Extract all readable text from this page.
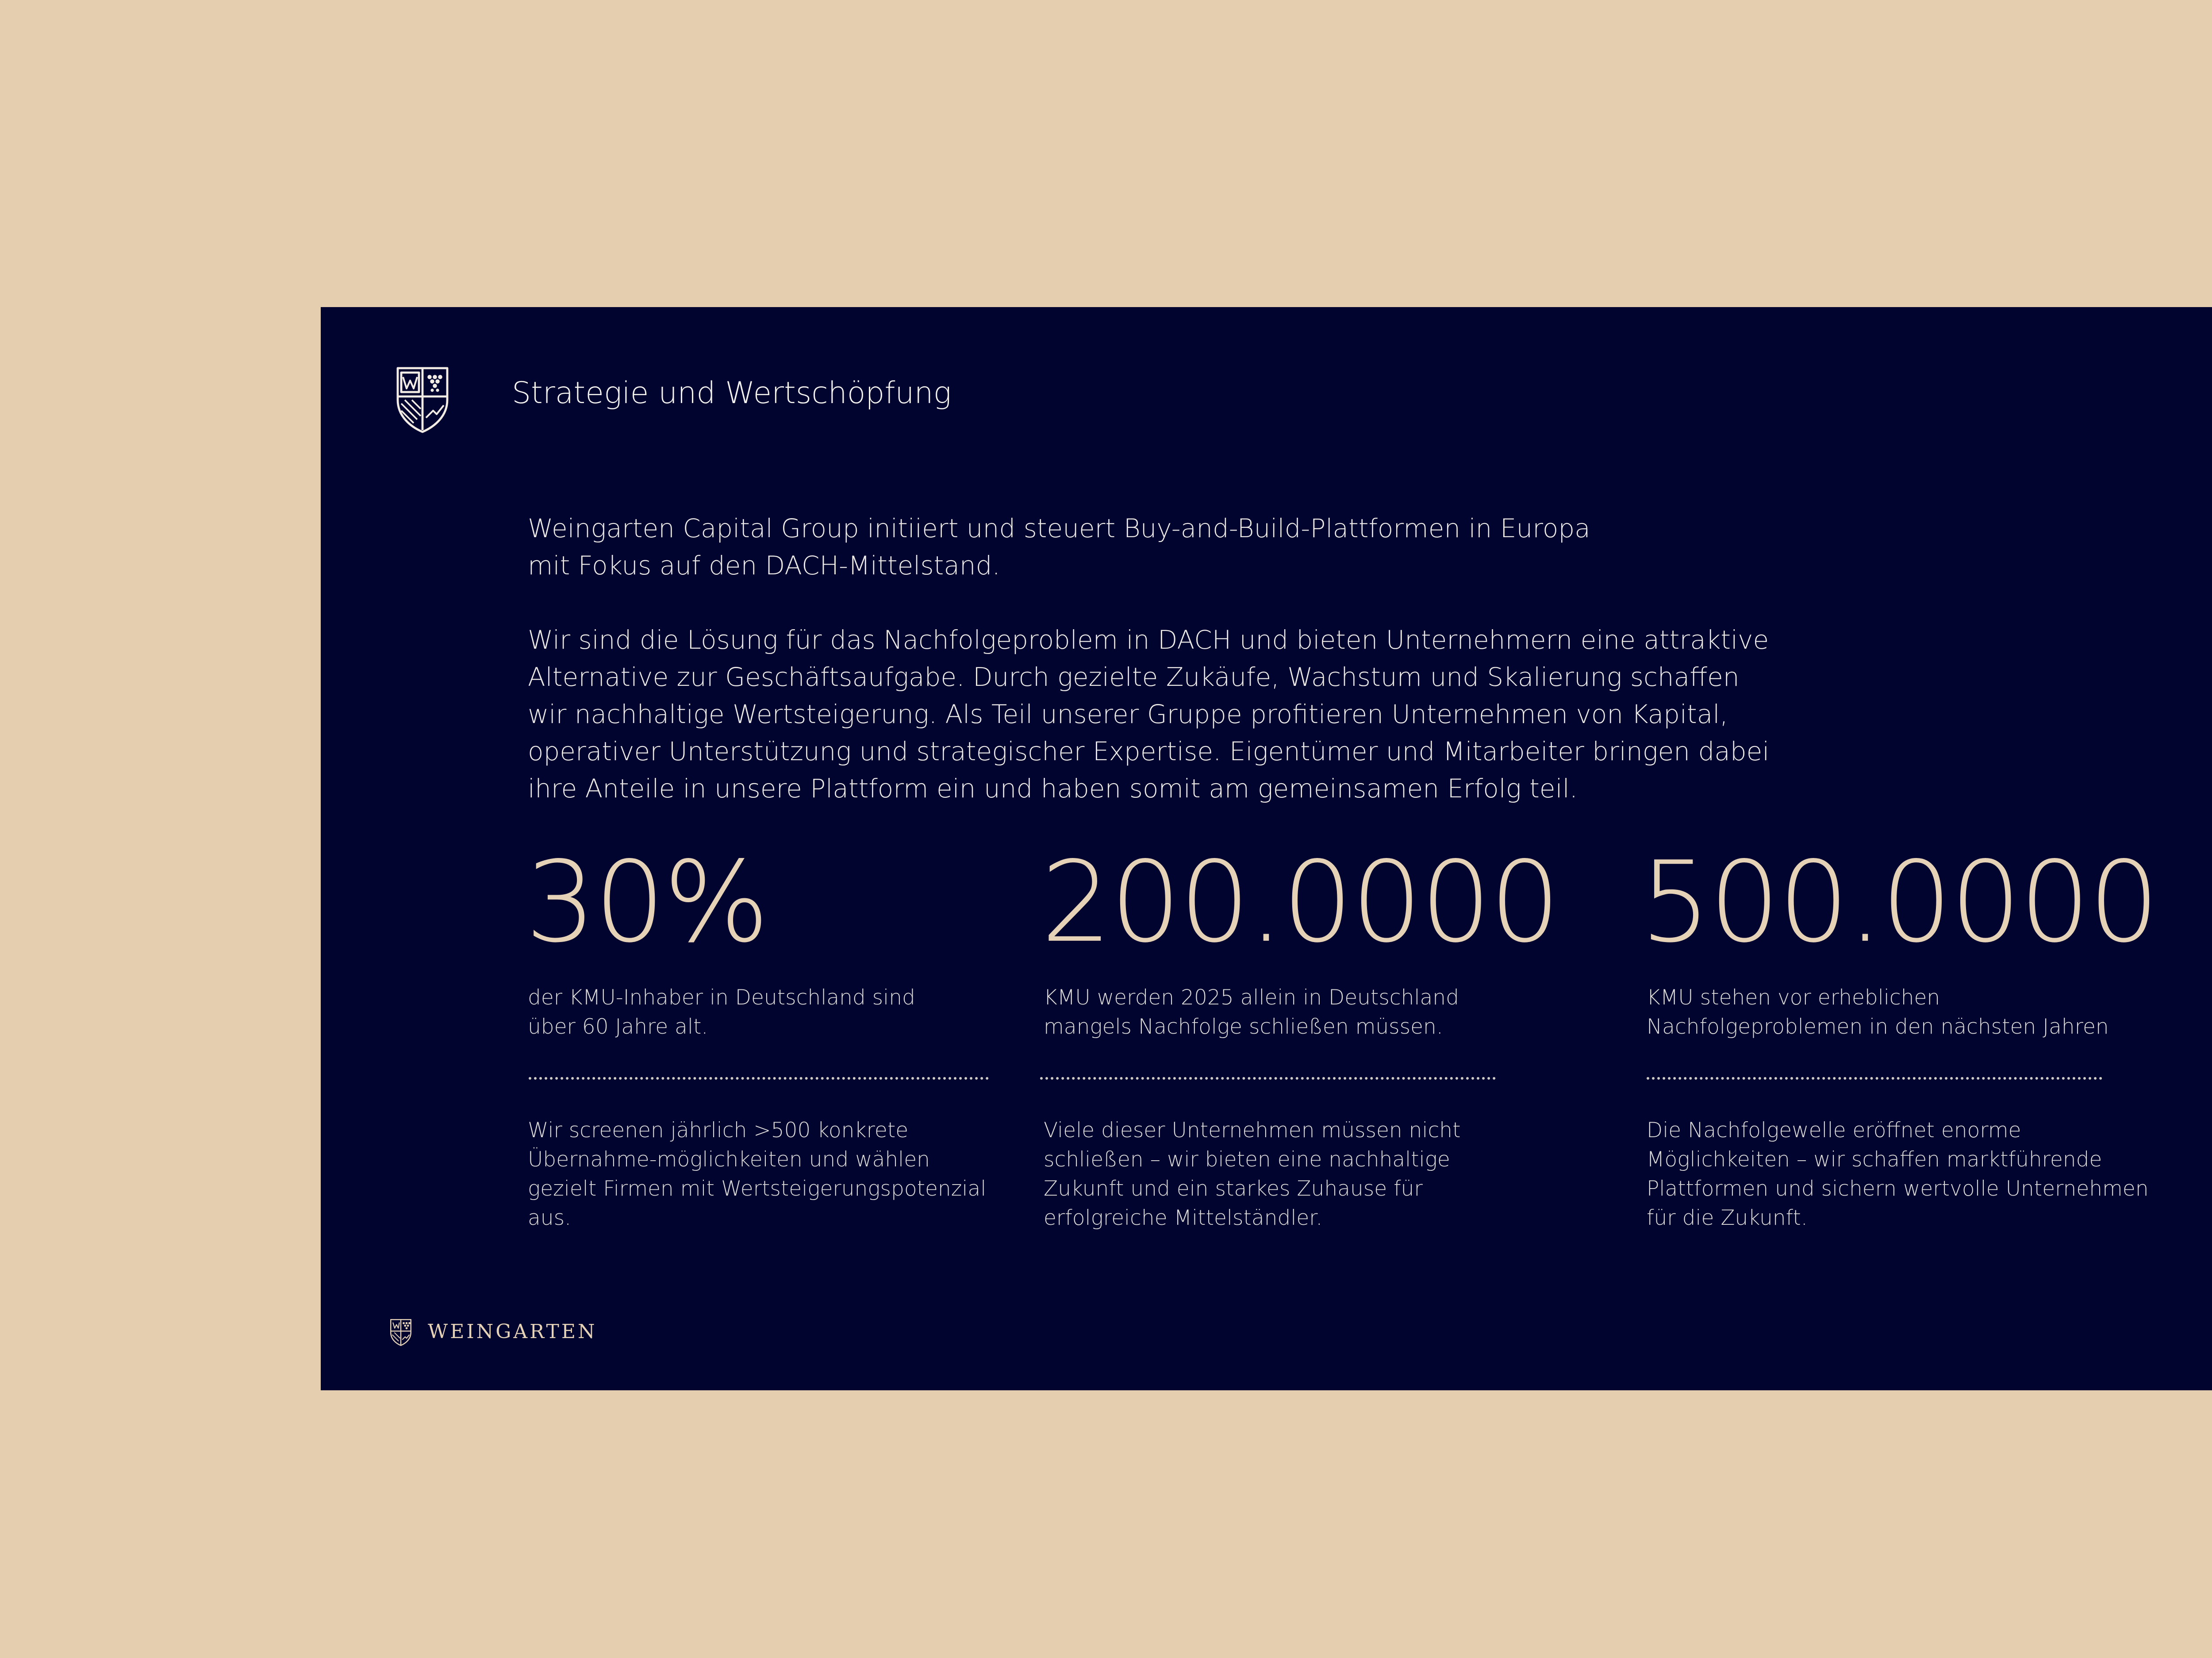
Strategie und Wertschöpfung
Weingarten Capital Group initiiert und steuert Buy-and-Build-Plattformen in Europa
mit Fokus auf den DACH-Mittelstand.
Wir sind die Lösung für das Nachfolgeproblem in DACH und bieten Unternehmern eine attraktive Alternative zur Geschäftsaufgabe. Durch gezielte Zukäufe, Wachstum und Skalierung schaffen wir nachhaltige Wertsteigerung. Als Teil unserer Gruppe profitieren Unternehmen von Kapital, operativer Unterstützung und strategischer Expertise. Eigentümer und Mitarbeiter bringen dabei ihre Anteile in unsere Plattform ein und haben somit am gemeinsamen Erfolg teil.
30%
der KMU-Inhaber in Deutschland sind
über 60 Jahre alt.
Wir screenen jährlich >500 konkrete Übernahme-möglichkeiten und wählen gezielt Firmen mit Wertsteigerungspotenzial aus.
200.0000
KMU werden 2025 allein in Deutschland
mangels Nachfolge schließen müssen.
Viele dieser Unternehmen müssen nicht schließen – wir bieten eine nachhaltige Zukunft und ein starkes Zuhause für erfolgreiche Mittelständler.
500.0000
KMU stehen vor erheblichen
Nachfolgeproblemen in den nächsten Jahren
Die Nachfolgewelle eröffnet enorme Möglichkeiten – wir schaffen marktführende Plattformen und sichern wertvolle Unternehmen für die Zukunft.
WEINGARTEN
